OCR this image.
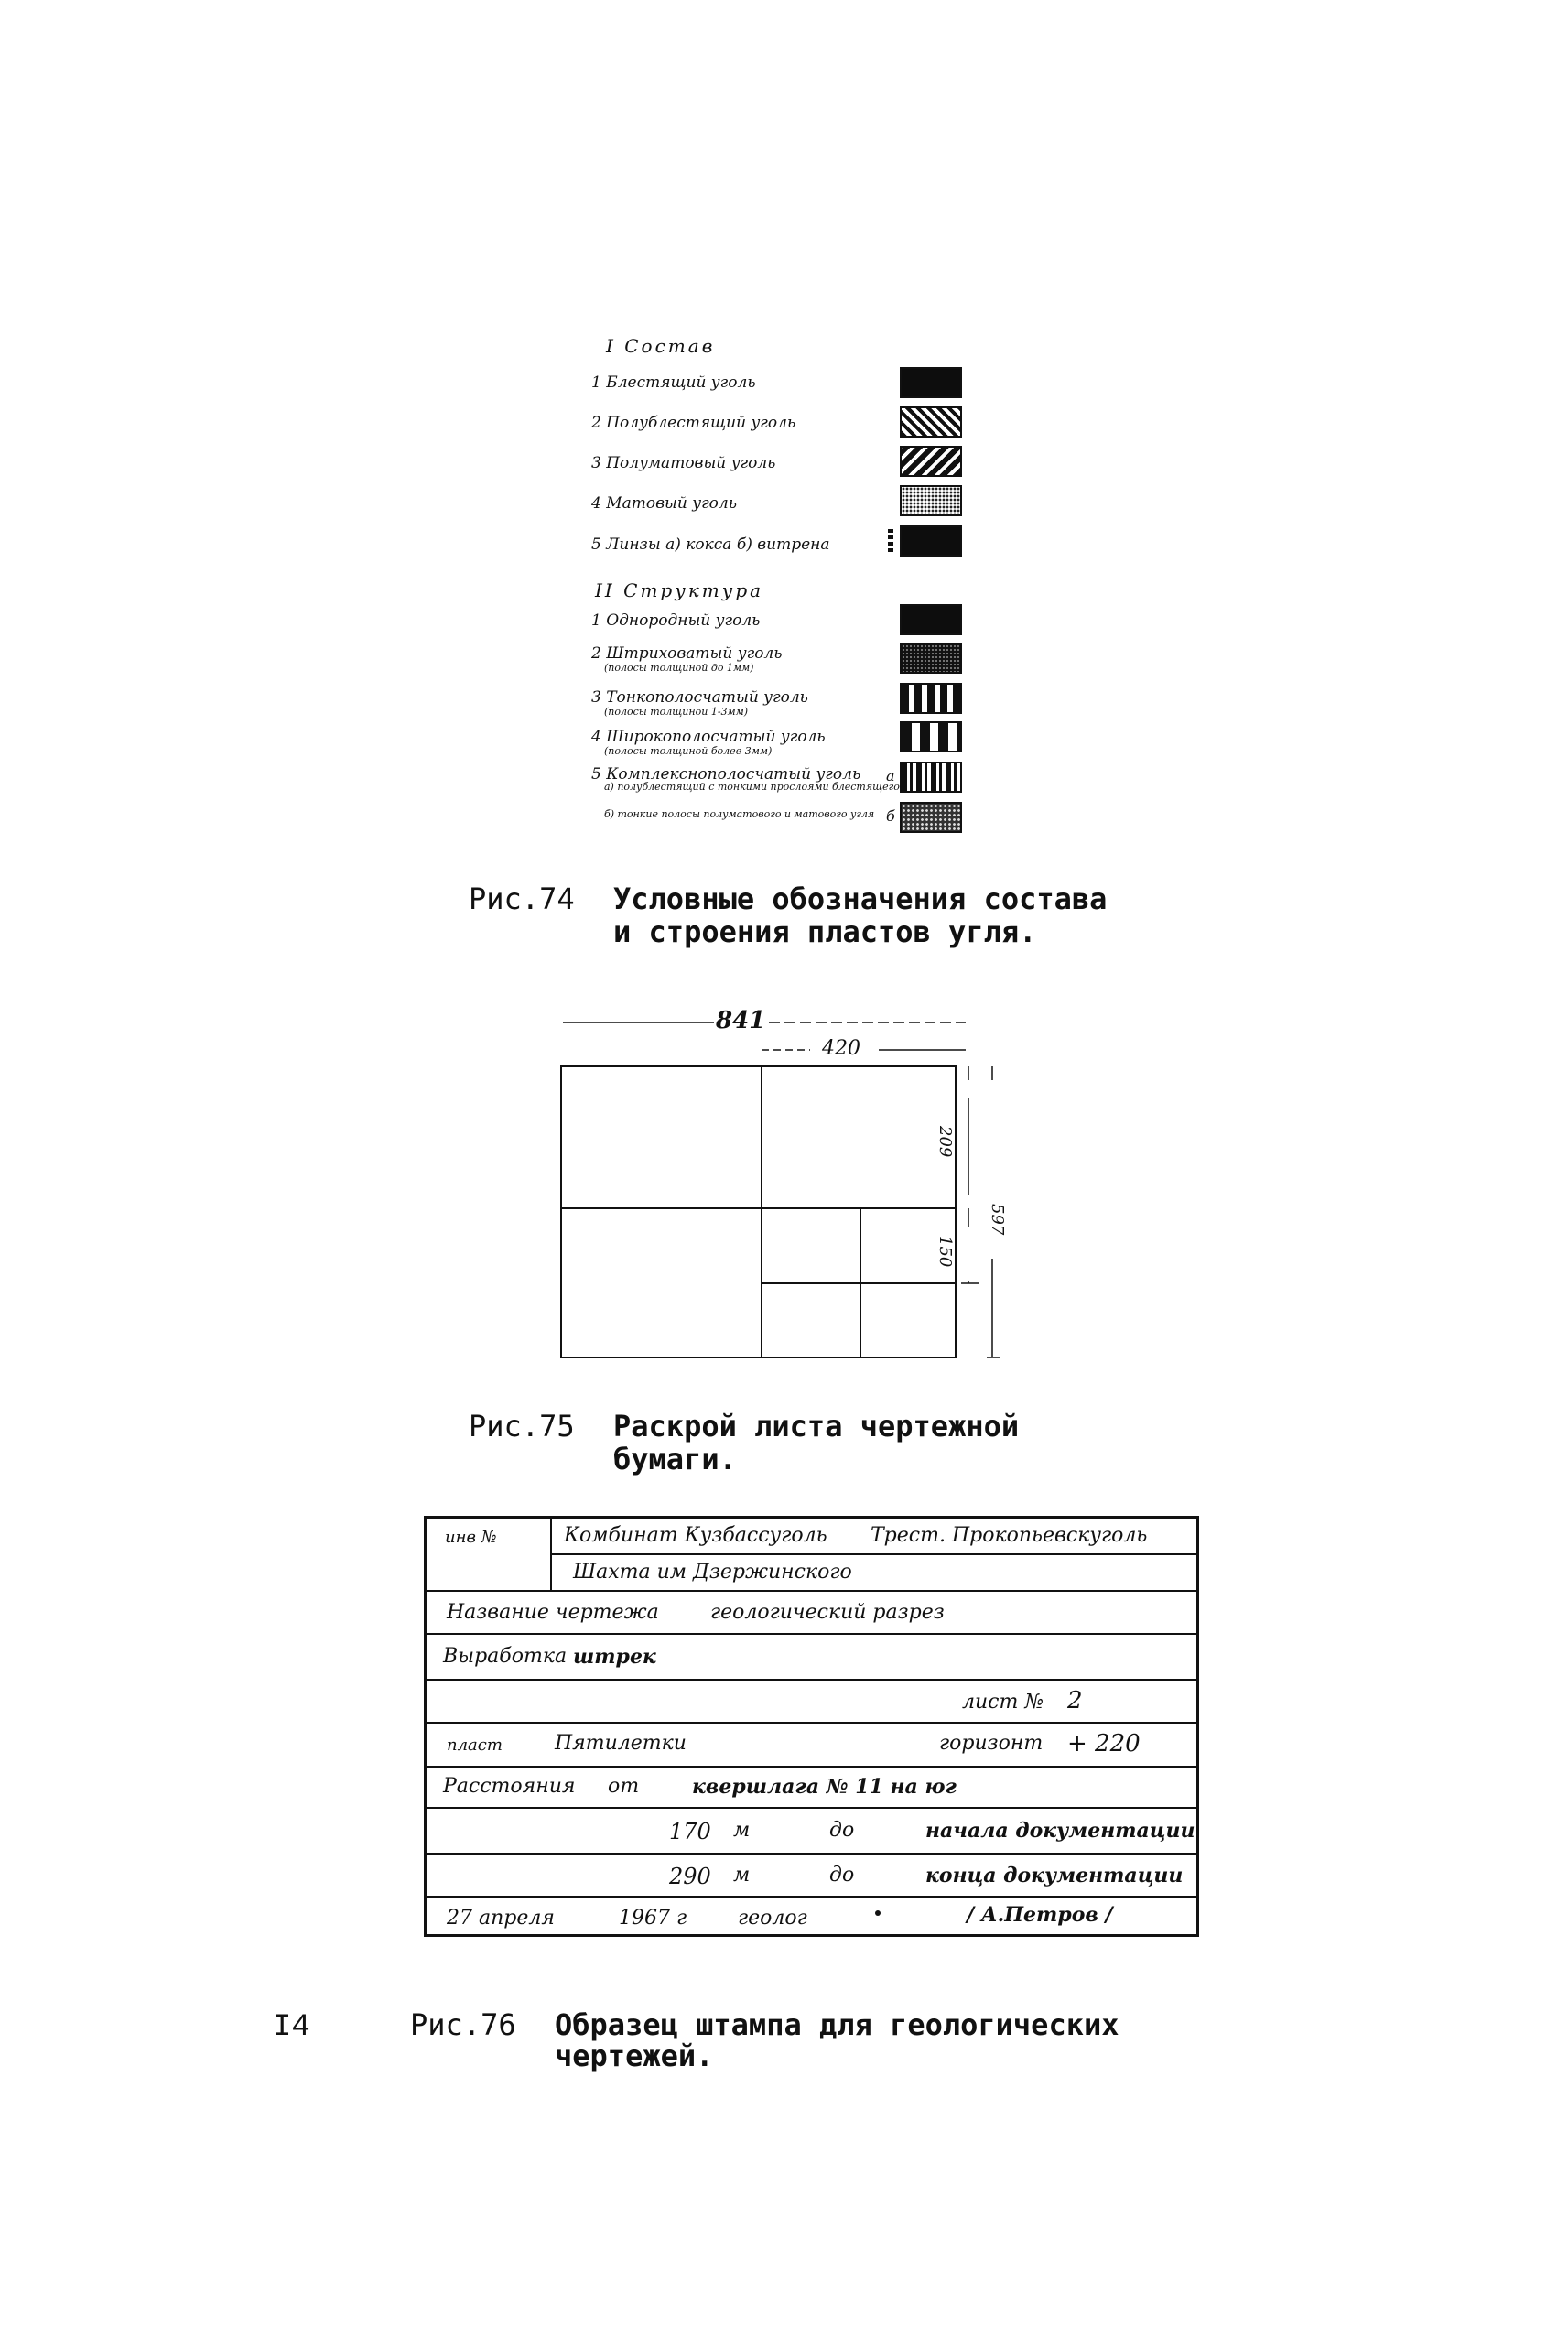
I Состав
1 Блестящий уголь
2 Полублестящий уголь
3 Полуматовый уголь
4 Матовый уголь
5 Линзы а) кокса б) витрена
II Структура
1 Однородный уголь
2 Штриховатый уголь
(полосы толщиной до 1мм)
3 Тонкополосчатый уголь
(полосы толщиной 1-3мм)
4 Широкополосчатый уголь
(полосы толщиной более 3мм)
5 Комплекснополосчатый уголь
а) полублестящий с тонкими прослоями блестящего
б) тонкие полосы полуматового и матового угля
а
б
Рис.74 Условные обозначения состава
и строения пластов угля.
841
420
209
150
597
Рис.75 Раскрой листа чертежной
бумаги.
инв №	Комбинат Кузбассуголь Трест. Прокопьевскуголь
Шахта им Дзержинского
Название чертежа	геологический разрез
Выработка штрек
лист № 2
пласт	Пятилетки	горизонт + 220
Расстояния от	квершлага № 11 на юг
170 м	до	начала документации
290 м	до	конца документации
27 апреля	1967 г	геолог	/ А.Петров /
I4	Рис.76 Образец штампа для геологических
чертежей.
